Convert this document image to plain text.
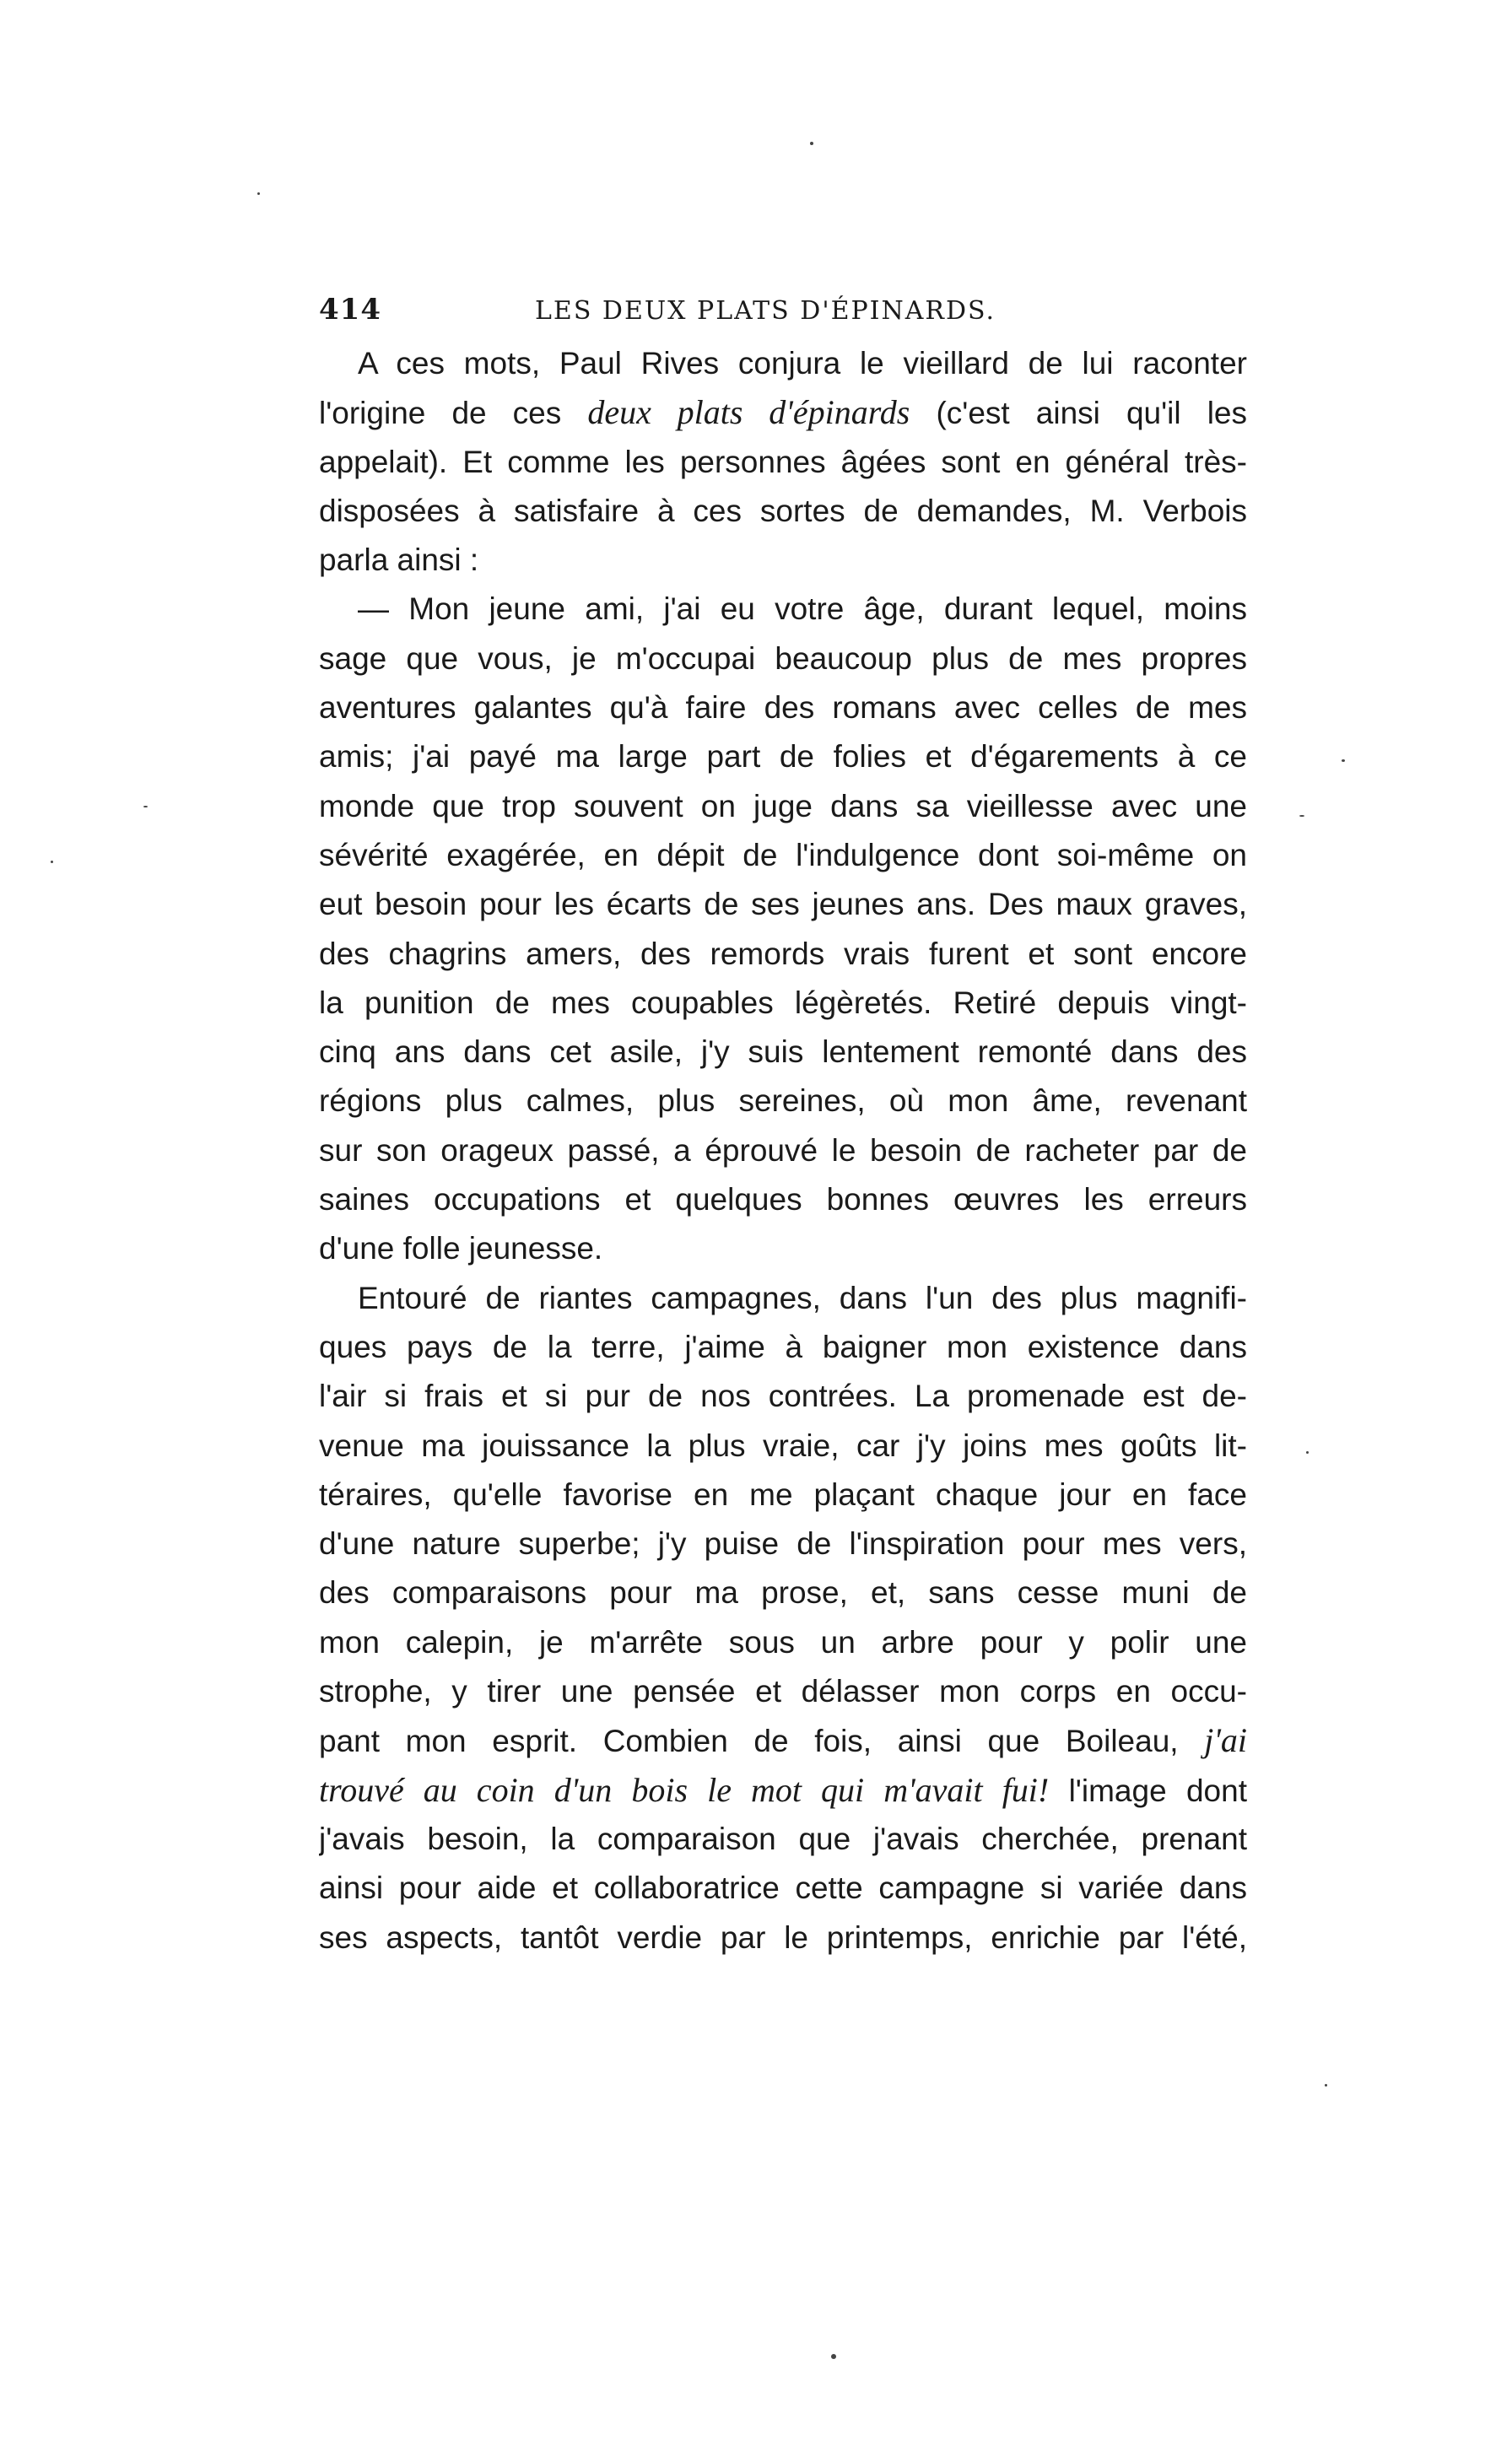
414	LES DEUX PLATS D'ÉPINARDS.
A ces mots, Paul Rives conjura le vieillard de lui raconter
l'origine de ces deux plats d'épinards (c'est ainsi qu'il les
appelait). Et comme les personnes âgées sont en général très-
disposées à satisfaire à ces sortes de demandes, M. Verbois
parla ainsi :
— Mon jeune ami, j'ai eu votre âge, durant lequel, moins
sage que vous, je m'occupai beaucoup plus de mes propres
aventures galantes qu'à faire des romans avec celles de mes
amis; j'ai payé ma large part de folies et d'égarements à ce
monde que trop souvent on juge dans sa vieillesse avec une
sévérité exagérée, en dépit de l'indulgence dont soi-même on
eut besoin pour les écarts de ses jeunes ans. Des maux graves,
des chagrins amers, des remords vrais furent et sont encore
la punition de mes coupables légèretés. Retiré depuis vingt-
cinq ans dans cet asile, j'y suis lentement remonté dans des
régions plus calmes, plus sereines, où mon âme, revenant
sur son orageux passé, a éprouvé le besoin de racheter par de
saines occupations et quelques bonnes œuvres les erreurs
d'une folle jeunesse.
Entouré de riantes campagnes, dans l'un des plus magnifi-
ques pays de la terre, j'aime à baigner mon existence dans
l'air si frais et si pur de nos contrées. La promenade est de-
venue ma jouissance la plus vraie, car j'y joins mes goûts lit-
téraires, qu'elle favorise en me plaçant chaque jour en face
d'une nature superbe; j'y puise de l'inspiration pour mes vers,
des comparaisons pour ma prose, et, sans cesse muni de
mon calepin, je m'arrête sous un arbre pour y polir une
strophe, y tirer une pensée et délasser mon corps en occu-
pant mon esprit. Combien de fois, ainsi que Boileau, j'ai
trouvé au coin d'un bois le mot qui m'avait fui! l'image dont
j'avais besoin, la comparaison que j'avais cherchée, prenant
ainsi pour aide et collaboratrice cette campagne si variée dans
ses aspects, tantôt verdie par le printemps, enrichie par l'été,
